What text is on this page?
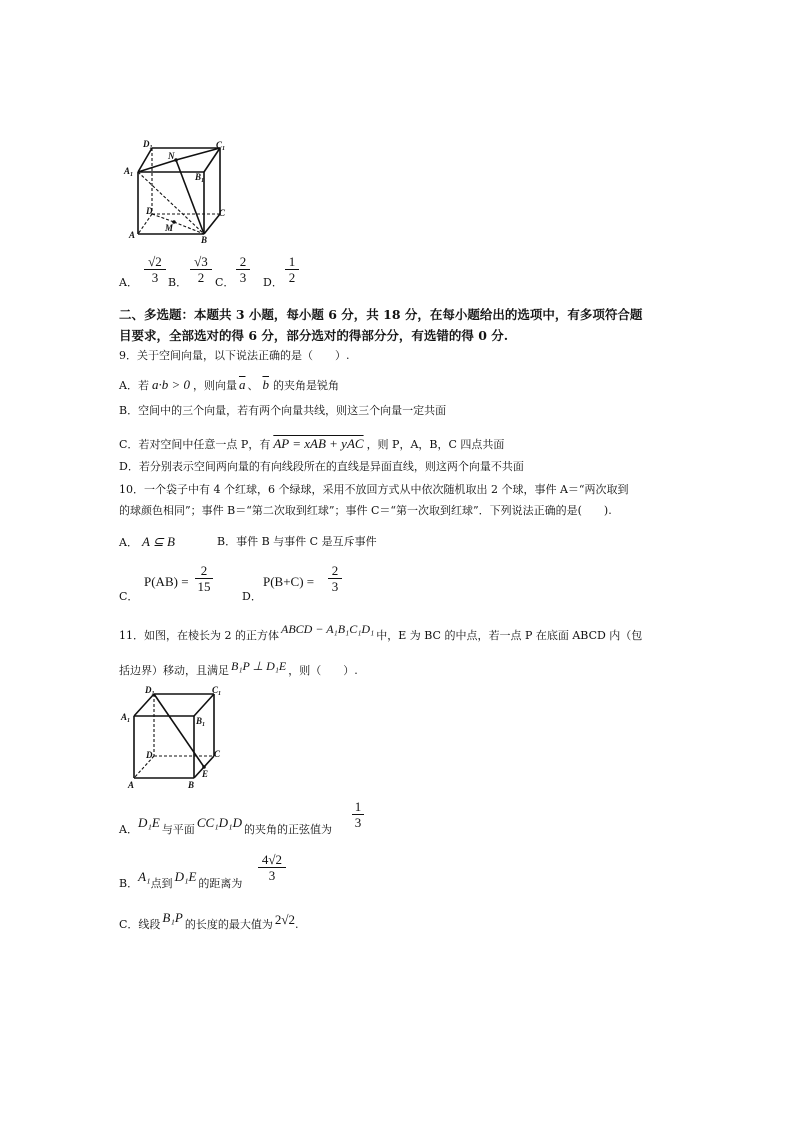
$D_1$	$C_1$
$A_1$	$B_1$
N
D	C
M
A	B
A．
√2
3 B．
√3
2 C．
2
3	D．
1
2
二、多选题：本题共 3 小题，每小题 6 分，共 18 分，在每小题给出的选项中，有多项符合题
目要求，全部选对的得 6 分，部分选对的得部分分，有选错的得 0 分.
9．关于空间向量，以下说法正确的是（　　）.
A．若 a·b > 0 ，则向量 $\overline{a}$ 、 $\overline{b}$ 的夹角是锐角
B．空间中的三个向量，若有两个向量共线，则这三个向量一定共面
C．若对空间中任意一点 P，有 AP = xAB + yAC ，则 P，A，B，C 四点共面
D．若分别表示空间两向量的有向线段所在的直线是异面直线，则这两个向量不共面
10．一个袋子中有 4 个红球，6 个绿球，采用不放回方式从中依次随机取出 2 个球，事件 A＝“两次取到
的球颜色相同”；事件 B＝“第二次取到红球”；事件 C＝“第一次取到红球”．下列说法正确的是(　　).
A． A ⊆ B	B．事件 B 与事件 C 是互斥事件
C．
P(AB) =
2
15
D．
P(B+C) =
2
3
11．如图，在棱长为 2 的正方体 ABCD − A₁B₁C₁D₁ 中，E 为 BC 的中点，若一点 P 在底面 ABCD 内（包
括边界）移动，且满足 B₁P ⊥ D₁E ，则（　　）.
$D_1$	$C_1$
$A_1$	$B_1$
D	C
E
A	B
A．D₁E 与平面 CC₁D₁D 的夹角的正弦值为
1
3
B．A₁点到 D₁E 的距离为
4√2
3
C．线段 B₁P 的长度的最大值为 2√2.
